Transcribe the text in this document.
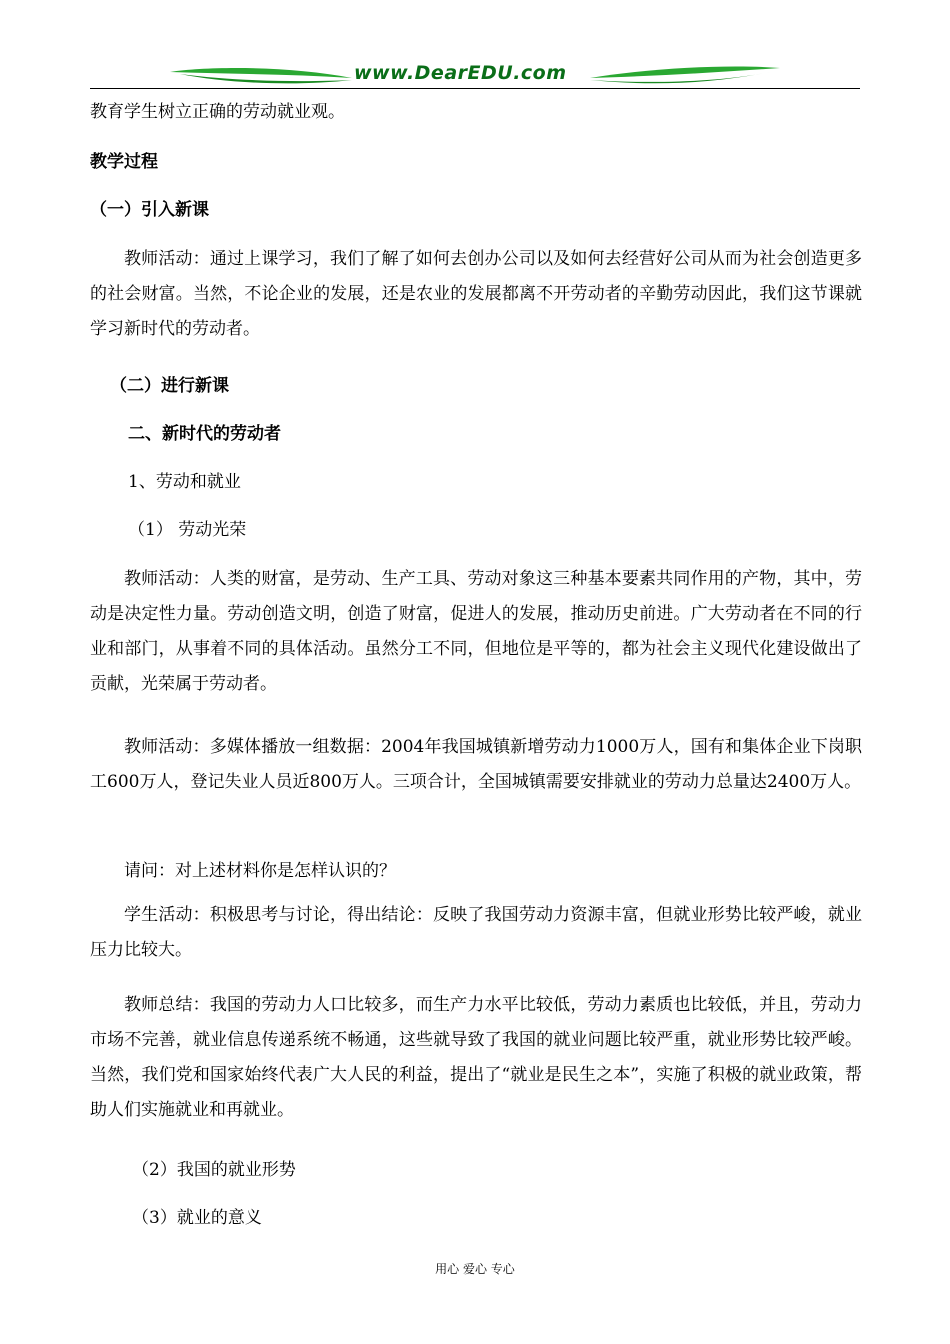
www.DearEDU.com
教育学生树立正确的劳动就业观。
教学过程
（一）引入新课
教师活动：通过上课学习，我们了解了如何去创办公司以及如何去经营好公司从而为社会创造更多的社会财富。当然，不论企业的发展，还是农业的发展都离不开劳动者的辛勤劳动因此，我们这节课就学习新时代的劳动者。
（二）进行新课
二、新时代的劳动者
1、劳动和就业
（1） 劳动光荣
教师活动：人类的财富，是劳动、生产工具、劳动对象这三种基本要素共同作用的产物，其中，劳动是决定性力量。劳动创造文明，创造了财富，促进人的发展，推动历史前进。广大劳动者在不同的行业和部门，从事着不同的具体活动。虽然分工不同，但地位是平等的，都为社会主义现代化建设做出了贡献，光荣属于劳动者。
教师活动：多媒体播放一组数据：2004年我国城镇新增劳动力1000万人，国有和集体企业下岗职工600万人，登记失业人员近800万人。三项合计，全国城镇需要安排就业的劳动力总量达2400万人。
请问：对上述材料你是怎样认识的？
学生活动：积极思考与讨论，得出结论：反映了我国劳动力资源丰富，但就业形势比较严峻，就业压力比较大。
教师总结：我国的劳动力人口比较多，而生产力水平比较低，劳动力素质也比较低，并且，劳动力市场不完善，就业信息传递系统不畅通，这些就导致了我国的就业问题比较严重，就业形势比较严峻。当然，我们党和国家始终代表广大人民的利益，提出了“就业是民生之本”，实施了积极的就业政策，帮助人们实施就业和再就业。
（2）我国的就业形势
（3）就业的意义
用心 爱心 专心
